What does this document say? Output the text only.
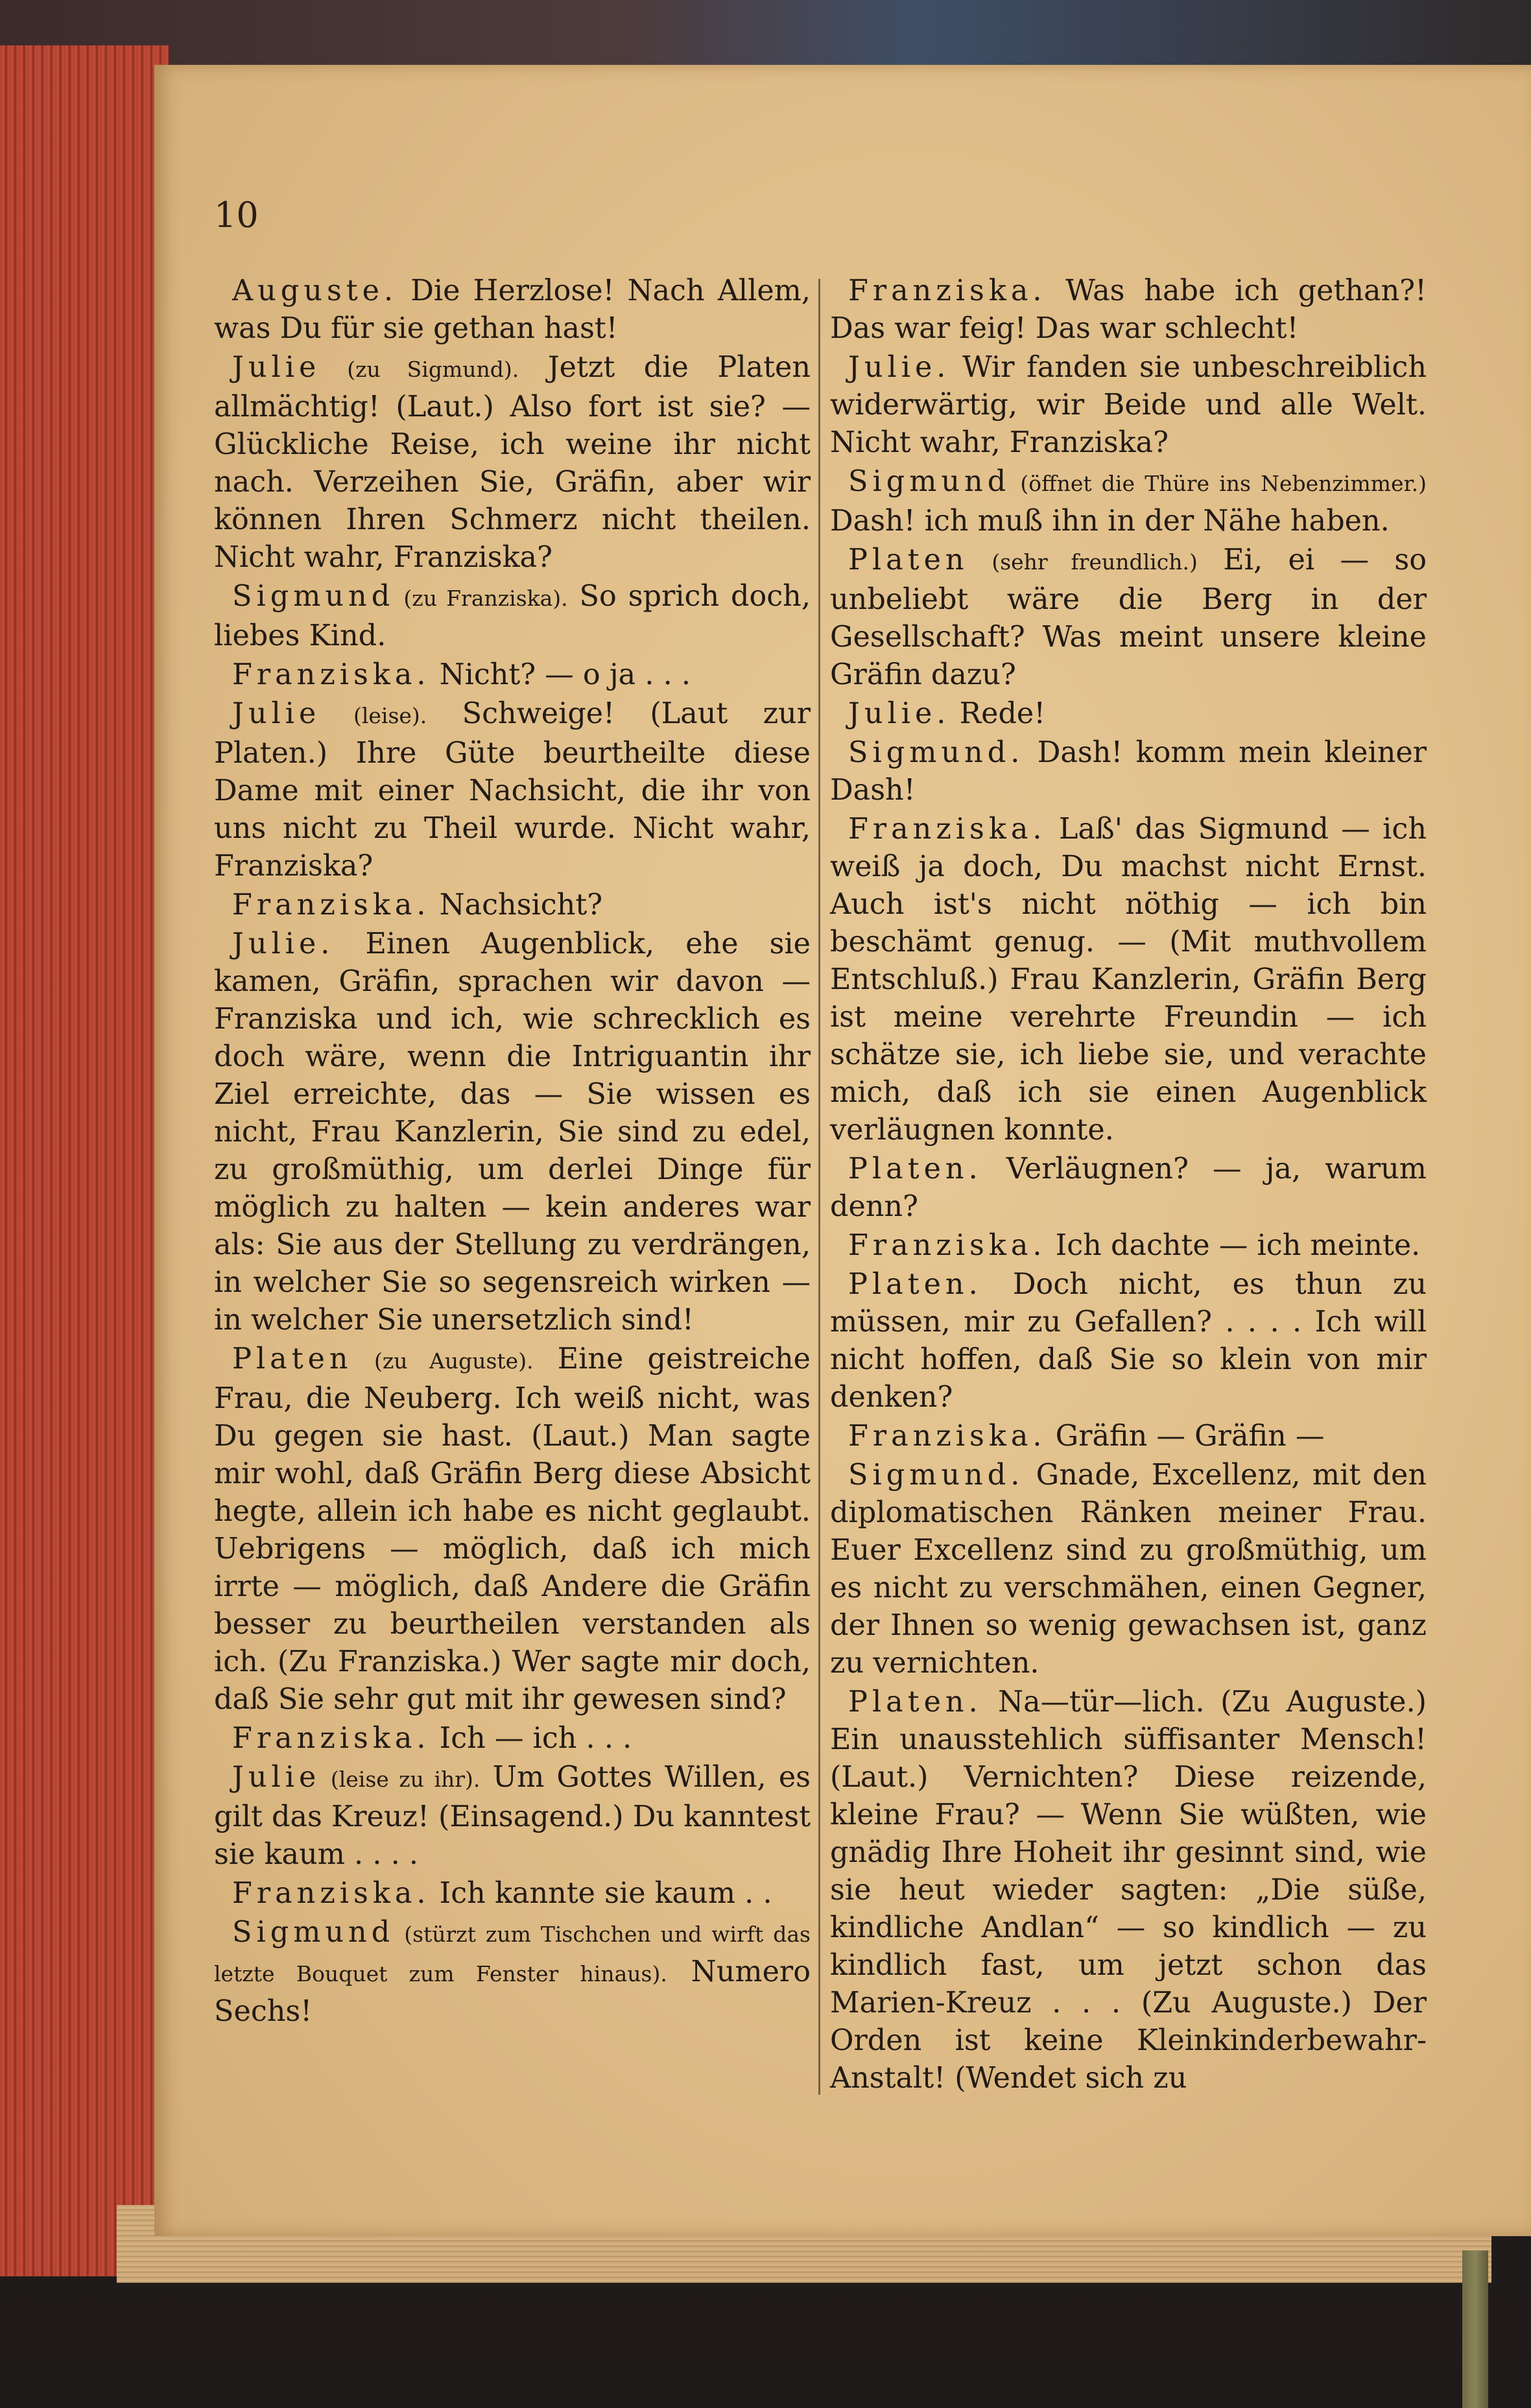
10

Auguste. Die Herzlose! Nach Allem, was Du für sie gethan hast!

Julie (zu Sigmund). Jetzt die Platen allmächtig! (Laut.) Also fort ist sie? — Glückliche Reise, ich weine ihr nicht nach. Verzeihen Sie, Gräfin, aber wir können Ihren Schmerz nicht theilen. Nicht wahr, Franziska?

Sigmund (zu Franziska). So sprich doch, liebes Kind.

Franziska. Nicht? — o ja . . .

Julie (leise). Schweige! (Laut zur Platen.) Ihre Güte beurtheilte diese Dame mit einer Nachsicht, die ihr von uns nicht zu Theil wurde. Nicht wahr, Franziska?

Franziska. Nachsicht?

Julie. Einen Augenblick, ehe sie kamen, Gräfin, sprachen wir davon — Franziska und ich, wie schrecklich es doch wäre, wenn die Intriguantin ihr Ziel erreichte, das — Sie wissen es nicht, Frau Kanzlerin, Sie sind zu edel, zu großmüthig, um derlei Dinge für möglich zu halten — kein anderes war als: Sie aus der Stellung zu verdrängen, in welcher Sie so segensreich wirken — in welcher Sie unersetzlich sind!

Platen (zu Auguste). Eine geistreiche Frau, die Neuberg. Ich weiß nicht, was Du gegen sie hast. (Laut.) Man sagte mir wohl, daß Gräfin Berg diese Absicht hegte, allein ich habe es nicht geglaubt. Uebrigens — möglich, daß ich mich irrte — möglich, daß Andere die Gräfin besser zu beurtheilen verstanden als ich. (Zu Franziska.) Wer sagte mir doch, daß Sie sehr gut mit ihr gewesen sind?

Franziska. Ich — ich . . .

Julie (leise zu ihr). Um Gottes Willen, es gilt das Kreuz! (Einsagend.) Du kanntest sie kaum . . . .

Franziska. Ich kannte sie kaum . .

Sigmund (stürzt zum Tischchen und wirft das letzte Bouquet zum Fenster hinaus). Numero Sechs!

Franziska. Was habe ich gethan?! Das war feig! Das war schlecht!

Julie. Wir fanden sie unbeschreiblich widerwärtig, wir Beide und alle Welt. Nicht wahr, Franziska?

Sigmund (öffnet die Thüre ins Nebenzimmer.) Dash! ich muß ihn in der Nähe haben.

Platen (sehr freundlich.) Ei, ei — so unbeliebt wäre die Berg in der Gesellschaft? Was meint unsere kleine Gräfin dazu?

Julie. Rede!

Sigmund. Dash! komm mein kleiner Dash!

Franziska. Laß' das Sigmund — ich weiß ja doch, Du machst nicht Ernst. Auch ist's nicht nöthig — ich bin beschämt genug. — (Mit muthvollem Entschluß.) Frau Kanzlerin, Gräfin Berg ist meine verehrte Freundin — ich schätze sie, ich liebe sie, und verachte mich, daß ich sie einen Augenblick verläugnen konnte.

Platen. Verläugnen? — ja, warum denn?

Franziska. Ich dachte — ich meinte.

Platen. Doch nicht, es thun zu müssen, mir zu Gefallen? . . . . Ich will nicht hoffen, daß Sie so klein von mir denken?

Franziska. Gräfin — Gräfin —

Sigmund. Gnade, Excellenz, mit den diplomatischen Ränken meiner Frau. Euer Excellenz sind zu großmüthig, um es nicht zu verschmähen, einen Gegner, der Ihnen so wenig gewachsen ist, ganz zu vernichten.

Platen. Na—tür—lich. (Zu Auguste.) Ein unausstehlich süffisanter Mensch! (Laut.) Vernichten? Diese reizende, kleine Frau? — Wenn Sie wüßten, wie gnädig Ihre Hoheit ihr gesinnt sind, wie sie heut wieder sagten: „Die süße, kindliche Andlan“ — so kindlich — zu kindlich fast, um jetzt schon das Marien-Kreuz . . . (Zu Auguste.) Der Orden ist keine Kleinkinderbewahr-Anstalt! (Wendet sich zu
